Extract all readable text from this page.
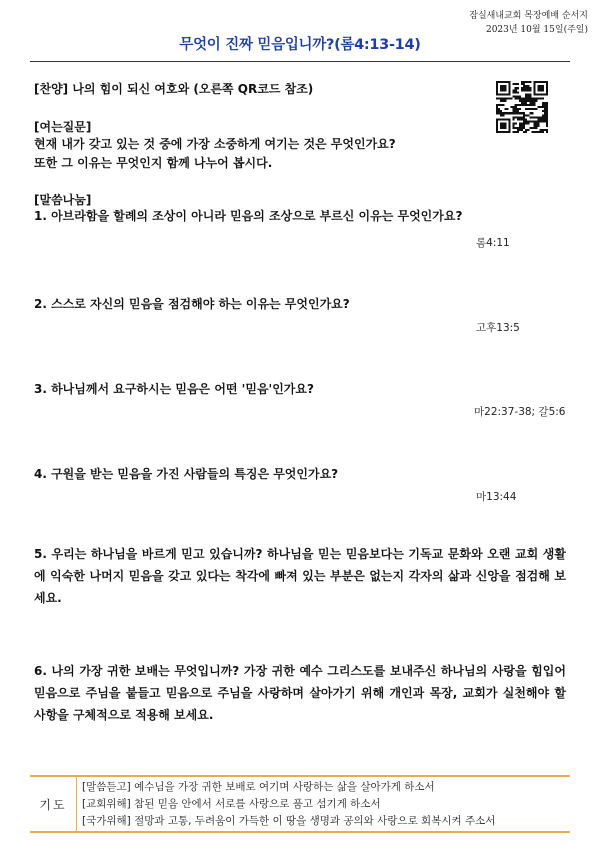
잠실새내교회 목장예배 순서지
2023년 10월 15일(주일)
무엇이 진짜 믿음입니까?(롬4:13-14)
[찬양] 나의 힘이 되신 여호와 (오른쪽 QR코드 참조)
[여는질문]
현재 내가 갖고 있는 것 중에 가장 소중하게 여기는 것은 무엇인가요?
또한 그 이유는 무엇인지 함께 나누어 봅시다.
[말씀나눔]
1. 아브라함을 할례의 조상이 아니라 믿음의 조상으로 부르신 이유는 무엇인가요?
롬4:11
2. 스스로 자신의 믿음을 점검해야 하는 이유는 무엇인가요?
고후13:5
3. 하나님께서 요구하시는 믿음은 어떤 '믿음'인가요?
마22:37-38; 갈5:6
4. 구원을 받는 믿음을 가진 사람들의 특징은 무엇인가요?
마13:44
5. 우리는 하나님을 바르게 믿고 있습니까? 하나님을 믿는 믿음보다는 기독교 문화와 오랜 교회 생활에 익숙한 나머지 믿음을 갖고 있다는 착각에 빠져 있는 부분은 없는지 각자의 삶과 신앙을 점검해 보세요.
6. 나의 가장 귀한 보배는 무엇입니까? 가장 귀한 예수 그리스도를 보내주신 하나님의 사랑을 힘입어 믿음으로 주님을 붙들고 믿음으로 주님을 사랑하며 살아가기 위해 개인과 목장, 교회가 실천해야 할 사항을 구체적으로 적용해 보세요.
기도
[말씀듣고] 예수님을 가장 귀한 보배로 여기며 사랑하는 삶을 살아가게 하소서
[교회위해] 참된 믿음 안에서 서로를 사랑으로 품고 섬기게 하소서
[국가위해] 절망과 고통, 두려움이 가득한 이 땅을 생명과 공의와 사랑으로 회복시켜 주소서
